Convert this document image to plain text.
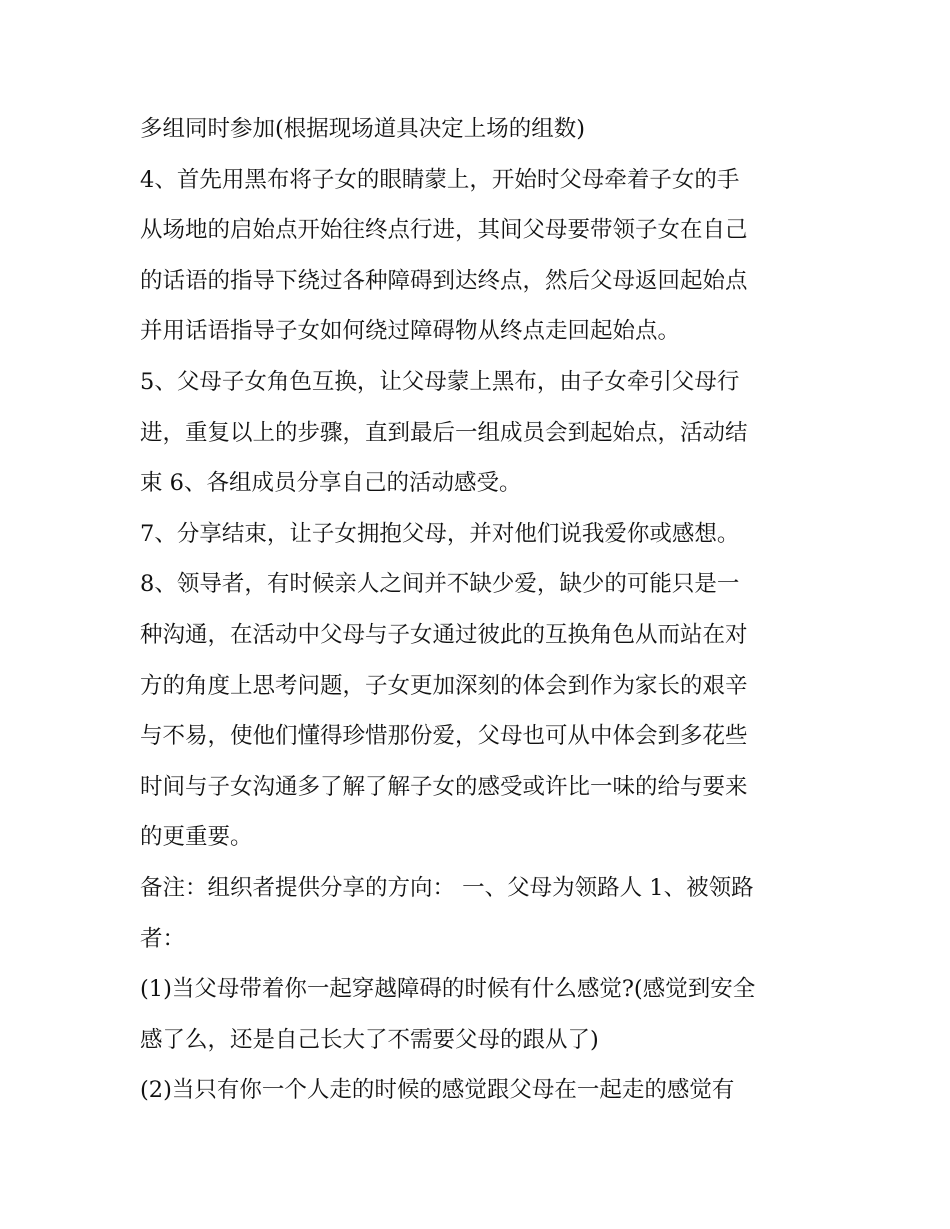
多组同时参加(根据现场道具决定上场的组数)
4、首先用黑布将子女的眼睛蒙上，开始时父母牵着子女的手
从场地的启始点开始往终点行进，其间父母要带领子女在自己
的话语的指导下绕过各种障碍到达终点，然后父母返回起始点
并用话语指导子女如何绕过障碍物从终点走回起始点。
5、父母子女角色互换，让父母蒙上黑布，由子女牵引父母行
进，重复以上的步骤，直到最后一组成员会到起始点，活动结
束 6、各组成员分享自己的活动感受。
7、分享结束，让子女拥抱父母，并对他们说我爱你或感想。
8、领导者，有时候亲人之间并不缺少爱，缺少的可能只是一
种沟通，在活动中父母与子女通过彼此的互换角色从而站在对
方的角度上思考问题，子女更加深刻的体会到作为家长的艰辛
与不易，使他们懂得珍惜那份爱，父母也可从中体会到多花些
时间与子女沟通多了解了解子女的感受或许比一味的给与要来
的更重要。
备注：组织者提供分享的方向： 一、父母为领路人 1、被领路
者：
(1)当父母带着你一起穿越障碍的时候有什么感觉?(感觉到安全
感了么，还是自己长大了不需要父母的跟从了)
(2)当只有你一个人走的时候的感觉跟父母在一起走的感觉有
